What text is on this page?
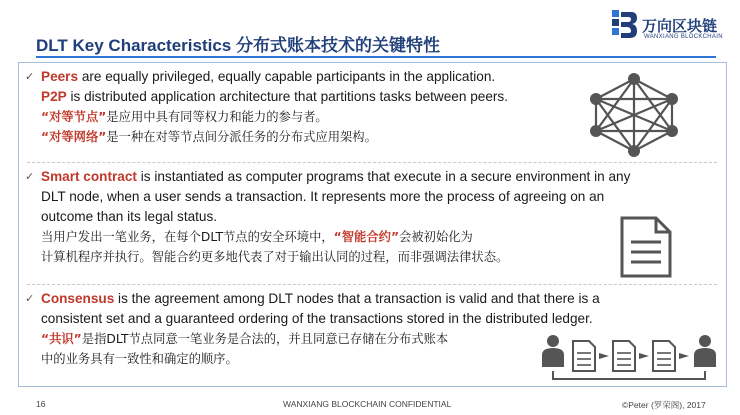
DLT Key Characteristics 分布式账本技术的关键特性
万向区块链
WANXIANG BLOCKCHAIN
✓ Peers are equally privileged, equally capable participants in the application.
P2P is distributed application architecture that partitions tasks between peers.
“对等节点”是应用中具有同等权力和能力的参与者。
“对等网络”是一种在对等节点间分派任务的分布式应用架构。
✓ Smart contract is instantiated as computer programs that execute in a secure environment in any
DLT node, when a user sends a transaction. It represents more the process of agreeing on an
outcome than its legal status.
当用户发出一笔业务，在每个DLT节点的安全环境中，“智能合约”会被初始化为
计算机程序并执行。智能合约更多地代表了对于输出认同的过程，而非强调法律状态。
✓ Consensus is the agreement among DLT nodes that a transaction is valid and that there is a
consistent set and a guaranteed ordering of the transactions stored in the distributed ledger.
“共识”是指DLT节点同意一笔业务是合法的，并且同意已存储在分布式账本
中的业务具有一致性和确定的顺序。
16	WANXIANG BLOCKCHAIN CONFIDENTIAL	©Peter (罗荣阁), 2017
